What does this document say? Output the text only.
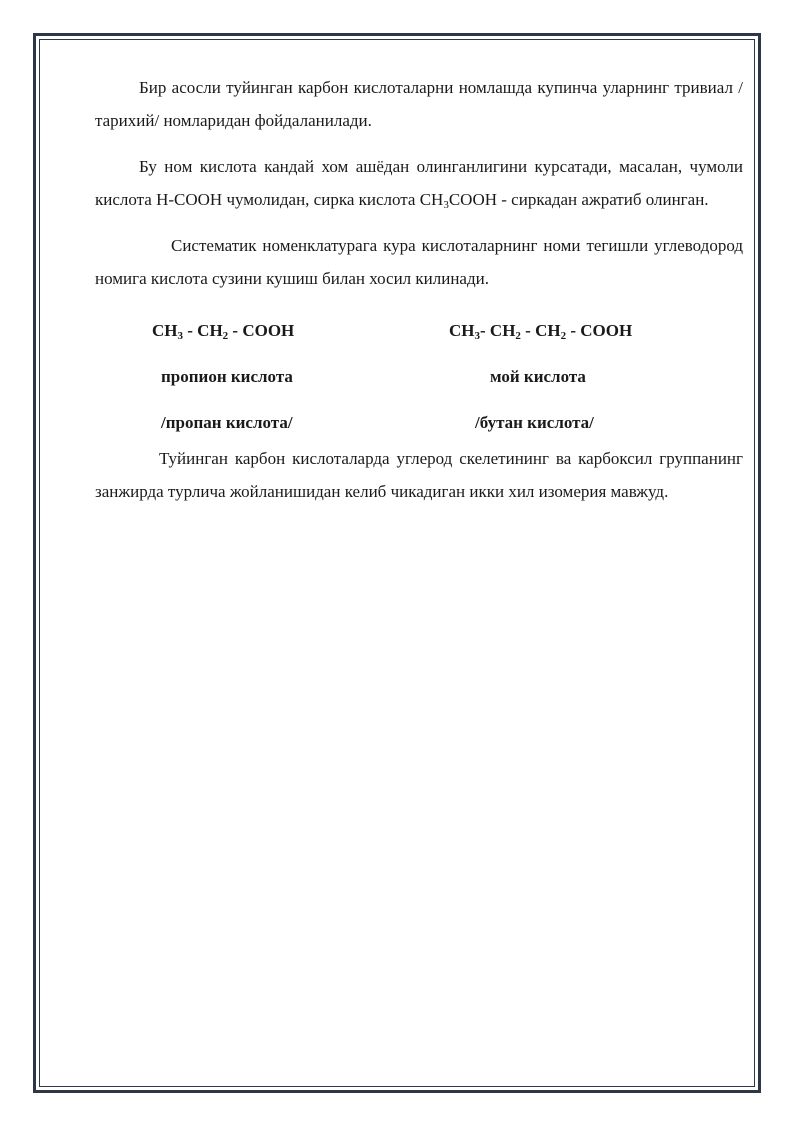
Бир асосли туйинган карбон кислоталарни номлашда купинча уларнинг тривиал /тарихий/ номларидан фойдаланилади.

Бу ном кислота кандай хом ашёдан олинганлигини курсатади, масалан, чумоли кислота Н-СООН чумолидан, сирка кислота $СН_3СООН$ - сиркадан ажратиб олинган.

Систематик номенклатурага кура кислоталарнинг номи тегишли углеводород номига кислота сузини кушиш билан хосил килинади.

$CH_3 - CH_2$ - COOH	$CH_3-$ $CH_2 - CH_2$ - COOH
пропион кислота	мой кислота
/пропан кислота/	/бутан кислота/

Туйинган карбон кислоталарда углерод скелетининг ва карбоксил группанинг занжирда турлича жойланишидан келиб чикадиган икки хил изомерия мавжуд.
